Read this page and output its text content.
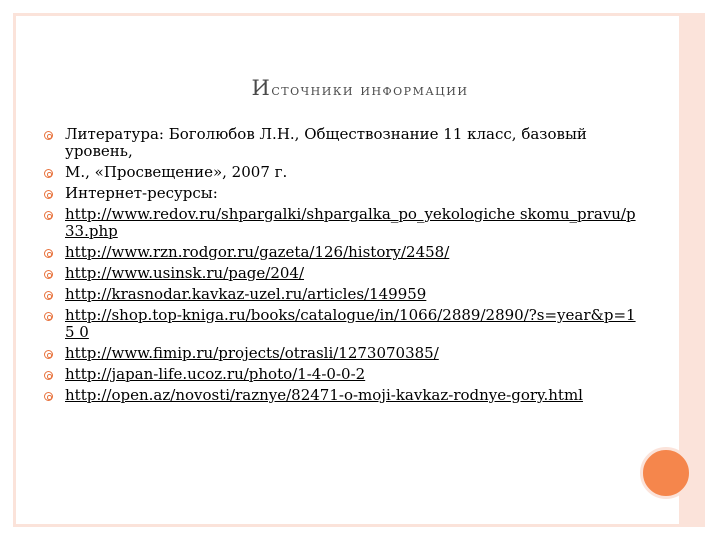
Источники информации
Литература: Боголюбов Л.Н., Обществознание 11 класс, базовый уровень,
М., «Просвещение», 2007 г.
Интернет-ресурсы:
http://www.redov.ru/shpargalki/shpargalka_po_yekologiche skomu_pravu/p33.php
http://www.rzn.rodgor.ru/gazeta/126/history/2458/
http://www.usinsk.ru/page/204/
http://krasnodar.kavkaz-uzel.ru/articles/149959
http://shop.top-kniga.ru/books/catalogue/in/1066/2889/2890/?s=year&p=15 0
http://www.fimip.ru/projects/otrasli/1273070385/
http://japan-life.ucoz.ru/photo/1-4-0-0-2
http://open.az/novosti/raznye/82471-o-moji-kavkaz-rodnye-gory.html
